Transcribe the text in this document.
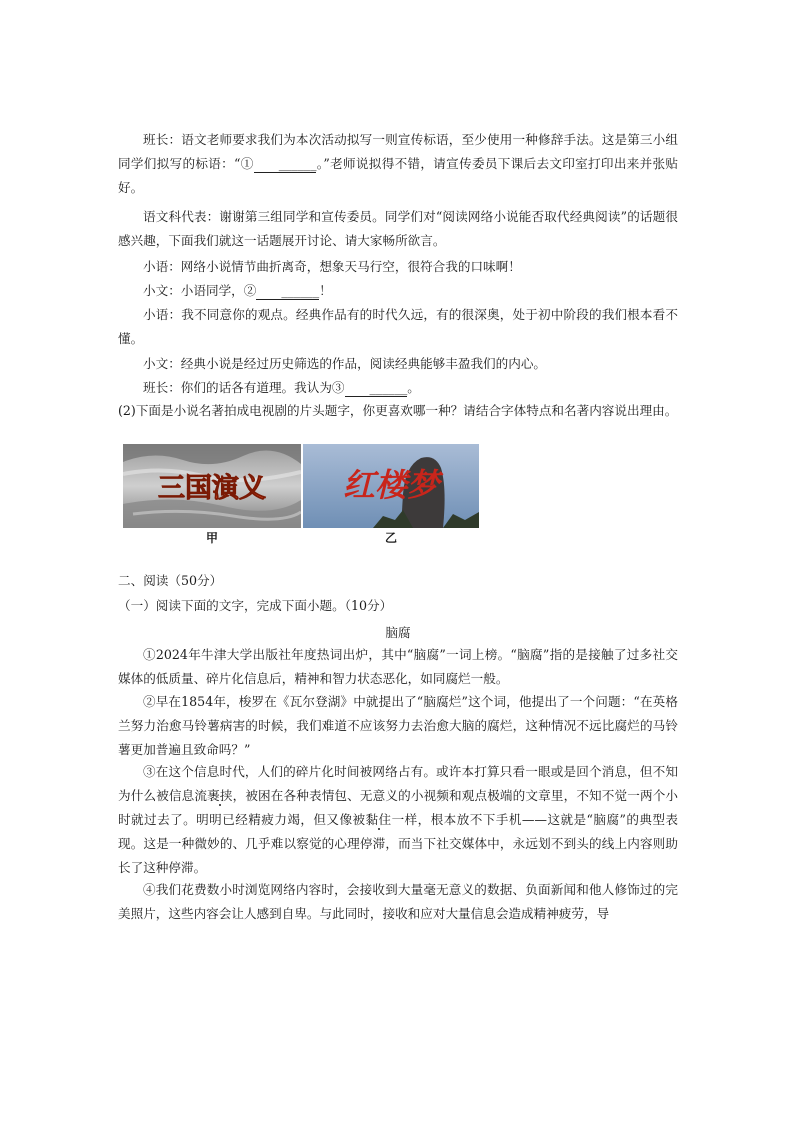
班长：语文老师要求我们为本次活动拟写一则宣传标语，至少使用一种修辞手法。这是第三小组同学们拟写的标语：“① ______。”老师说拟得不错，请宣传委员下课后去文印室打印出来并张贴好。

语文科代表：谢谢第三组同学和宣传委员。同学们对“阅读网络小说能否取代经典阅读”的话题很感兴趣，下面我们就这一话题展开讨论、请大家畅所欲言。

小语：网络小说情节曲折离奇，想象天马行空，很符合我的口味啊！

小文：小语同学，② ______！

小语：我不同意你的观点。经典作品有的时代久远，有的很深奥，处于初中阶段的我们根本看不懂。

小文：经典小说是经过历史筛选的作品，阅读经典能够丰盈我们的内心。

班长：你们的话各有道理。我认为③ ______。

(2)下面是小说名著拍成电视剧的片头题字，你更喜欢哪一种？请结合字体特点和名著内容说出理由。

三国演义 红楼梦
甲	乙

二、阅读（50分）

（一）阅读下面的文字，完成下面小题。（10分）

脑腐

①2024年牛津大学出版社年度热词出炉，其中“脑腐”一词上榜。“脑腐”指的是接触了过多社交媒体的低质量、碎片化信息后，精神和智力状态恶化，如同腐烂一般。

②早在1854年，梭罗在《瓦尔登湖》中就提出了“脑腐烂”这个词，他提出了一个问题：“在英格兰努力治愈马铃薯病害的时候，我们难道不应该努力去治愈大脑的腐烂，这种情况不远比腐烂的马铃薯更加普遍且致命吗？”

③在这个信息时代，人们的碎片化时间被网络占有。或许本打算只看一眼或是回个消息，但不知为什么被信息流裹挟，被困在各种表情包、无意义的小视频和观点极端的文章里，不知不觉一两个小时就过去了。明明已经精疲力竭，但又像被黏住一样，根本放不下手机——这就是“脑腐”的典型表现。这是一种微妙的、几乎难以察觉的心理停滞，而当下社交媒体中，永远划不到头的线上内容则助长了这种停滞。

④我们花费数小时浏览网络内容时，会接收到大量毫无意义的数据、负面新闻和他人修饰过的完美照片，这些内容会让人感到自卑。与此同时，接收和应对大量信息会造成精神疲劳，导
